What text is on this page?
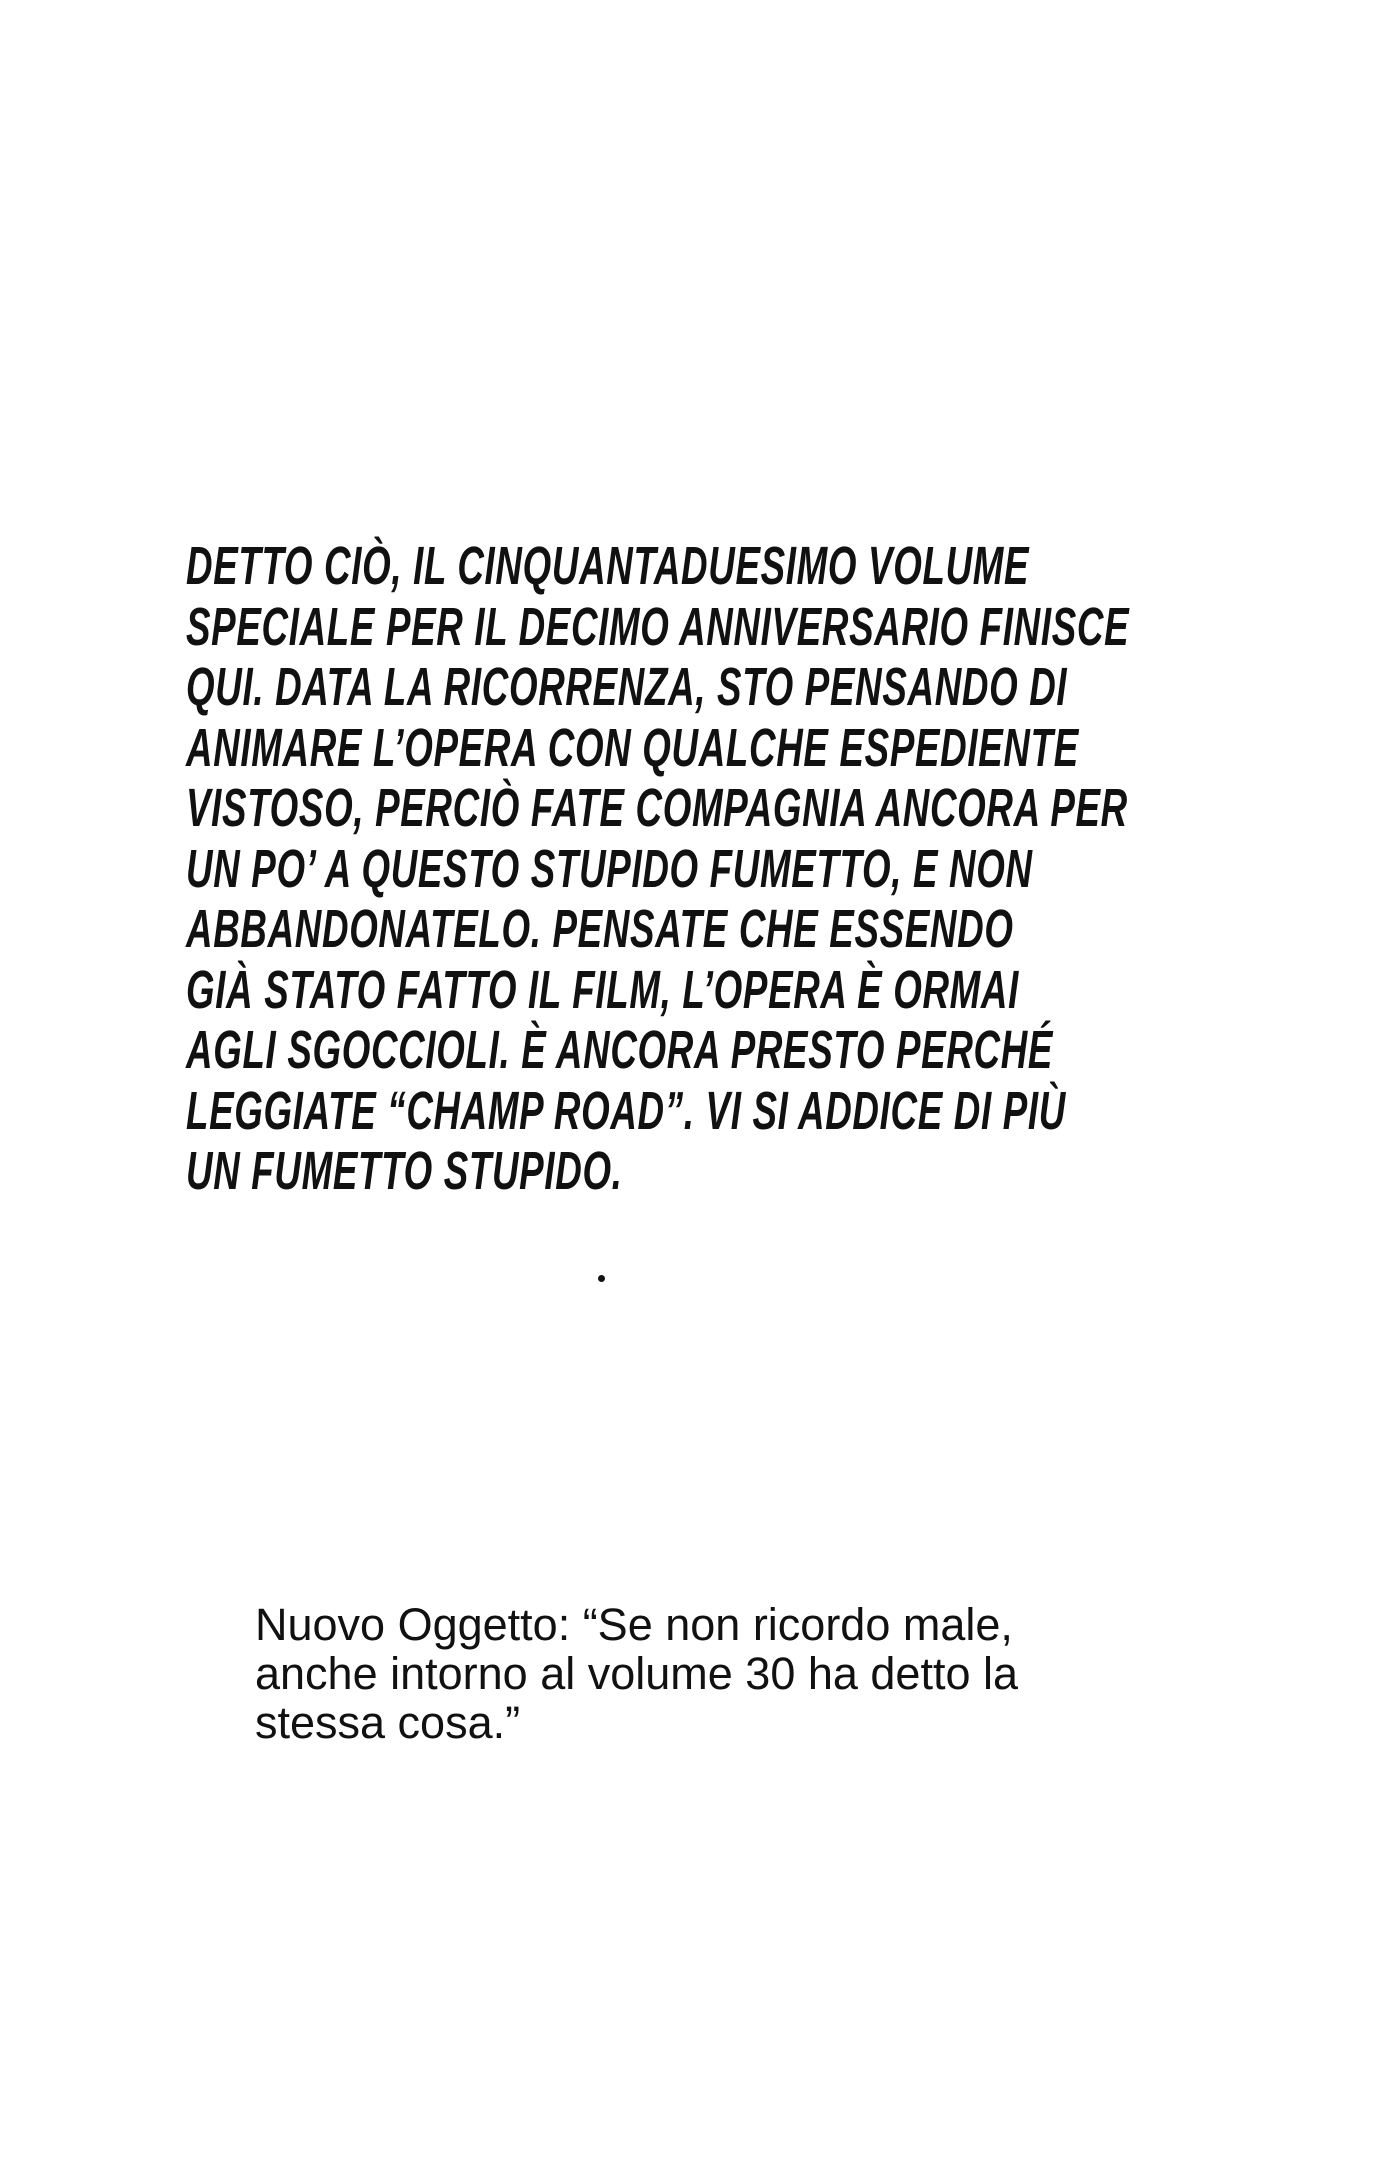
DETTO CIÒ, IL CINQUANTADUESIMO VOLUME
SPECIALE PER IL DECIMO ANNIVERSARIO FINISCE
QUI. DATA LA RICORRENZA, STO PENSANDO DI
ANIMARE L’OPERA CON QUALCHE ESPEDIENTE
VISTOSO, PERCIÒ FATE COMPAGNIA ANCORA PER
UN PO’ A QUESTO STUPIDO FUMETTO, E NON
ABBANDONATELO. PENSATE CHE ESSENDO
GIÀ STATO FATTO IL FILM, L’OPERA È ORMAI
AGLI SGOCCIOLI. È ANCORA PRESTO PERCHÉ
LEGGIATE “CHAMP ROAD”. VI SI ADDICE DI PIÙ
UN FUMETTO STUPIDO.
Nuovo Oggetto: “Se non ricordo male,
anche intorno al volume 30 ha detto la
stessa cosa.”
